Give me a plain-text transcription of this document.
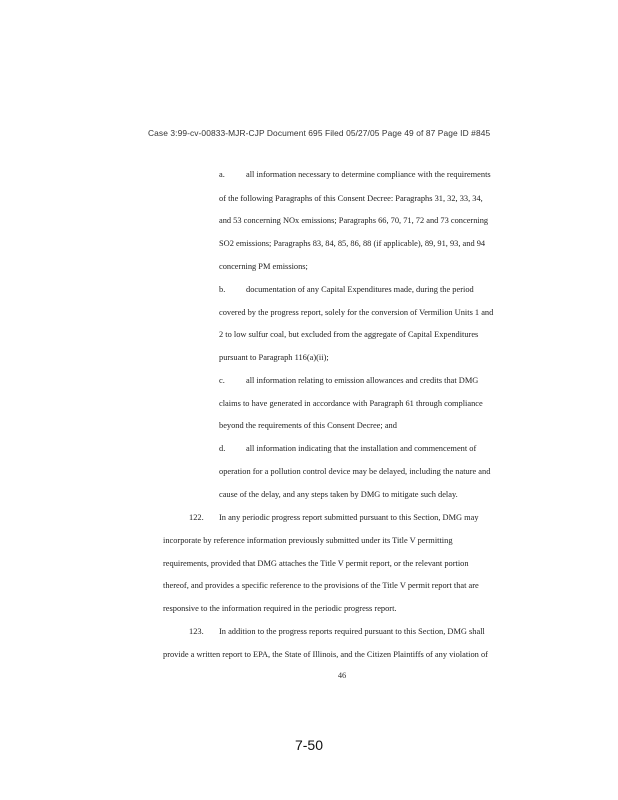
Case 3:99-cv-00833-MJR-CJP Document 695 Filed 05/27/05 Page 49 of 87 Page ID #845
a.	all information necessary to determine compliance with the requirements
of the following Paragraphs of this Consent Decree: Paragraphs 31, 32, 33, 34,
and 53 concerning NOx emissions; Paragraphs 66, 70, 71, 72 and 73 concerning
SO2 emissions; Paragraphs 83, 84, 85, 86, 88 (if applicable), 89, 91, 93, and 94
concerning PM emissions;
b. documentation of any Capital Expenditures made, during the period
covered by the progress report, solely for the conversion of Vermilion Units 1 and
2 to low sulfur coal, but excluded from the aggregate of Capital Expenditures
pursuant to Paragraph 116(a)(ii);
c.	all information relating to emission allowances and credits that DMG
claims to have generated in accordance with Paragraph 61 through compliance
beyond the requirements of this Consent Decree; and
d. all information indicating that the installation and commencement of
operation for a pollution control device may be delayed, including the nature and
cause of the delay, and any steps taken by DMG to mitigate such delay.
122. In any periodic progress report submitted pursuant to this Section, DMG may
incorporate by reference information previously submitted under its Title V permitting
requirements, provided that DMG attaches the Title V permit report, or the relevant portion
thereof, and provides a specific reference to the provisions of the Title V permit report that are
responsive to the information required in the periodic progress report.
123. In addition to the progress reports required pursuant to this Section, DMG shall
provide a written report to EPA, the State of Illinois, and the Citizen Plaintiffs of any violation of
46
7-50
